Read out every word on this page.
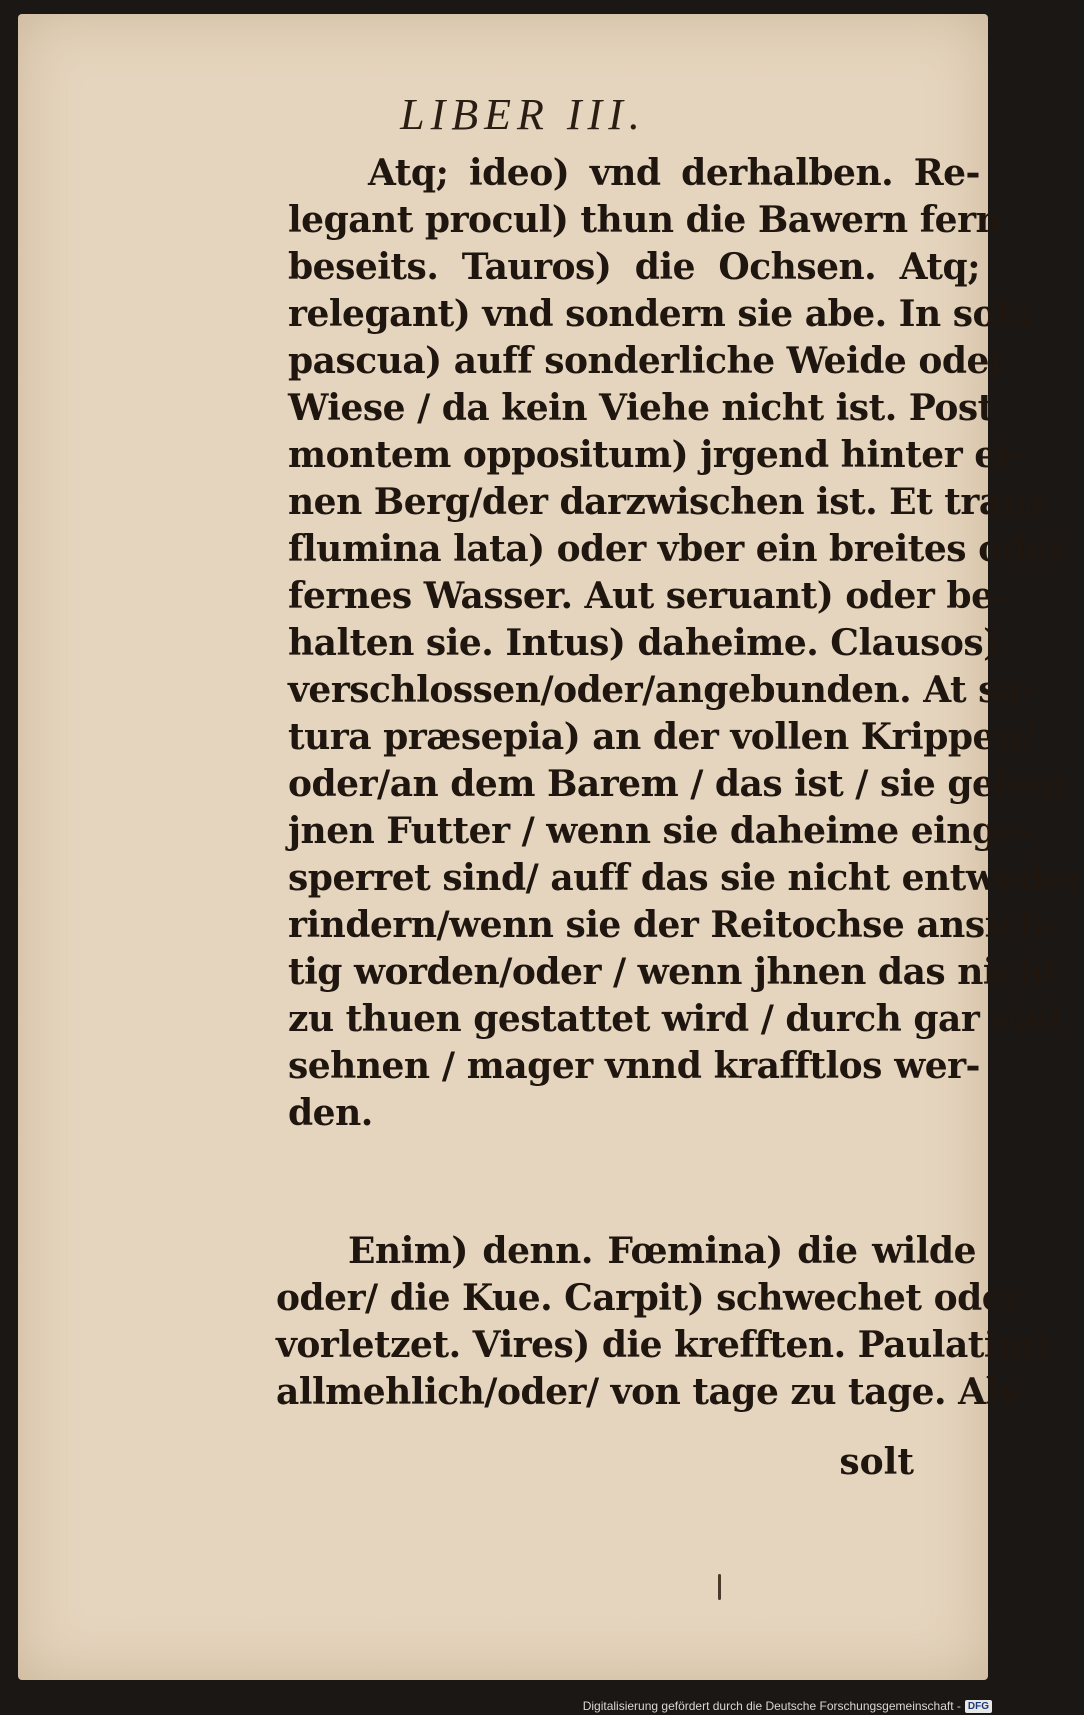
LIBER III.
Atq; ideo) vnd derhalben. Re-
legant procul) thun die Bawern fern
beseits. Tauros) die Ochsen. Atq;
relegant) vnd sondern sie abe. In sola
pascua) auff sonderliche Weide oder
Wiese / da kein Viehe nicht ist. Post
montem oppositum) jrgend hinter ei-
nen Berg/der darzwischen ist. Et trans
flumina lata) oder vber ein breites oder
fernes Wasser. Aut seruant) oder be-
halten sie. Intus) daheime. Clausos)
verschlossen/oder/angebunden. At sa-
tura præsepia) an der vollen Krippen/
oder/an dem Barem / das ist / sie geben
jnen Futter / wenn sie daheime einge-
sperret sind/ auff das sie nicht entweder
rindern/wenn sie der Reitochse ansich-
tig worden/oder / wenn jhnen das nicht
zu thuen gestattet wird / durch gar viel
sehnen / mager vnnd krafftlos wer-
den.
Enim) denn. Fœmina) die wilde
oder/ die Kue. Carpit) schwechet oder
vorletzet. Vires) die krefften. Paulatim)
allmehlich/oder/ von tage zu tage. Als
solt
Digitalisierung gefördert durch die Deutsche Forschungsgemeinschaft - DFG
